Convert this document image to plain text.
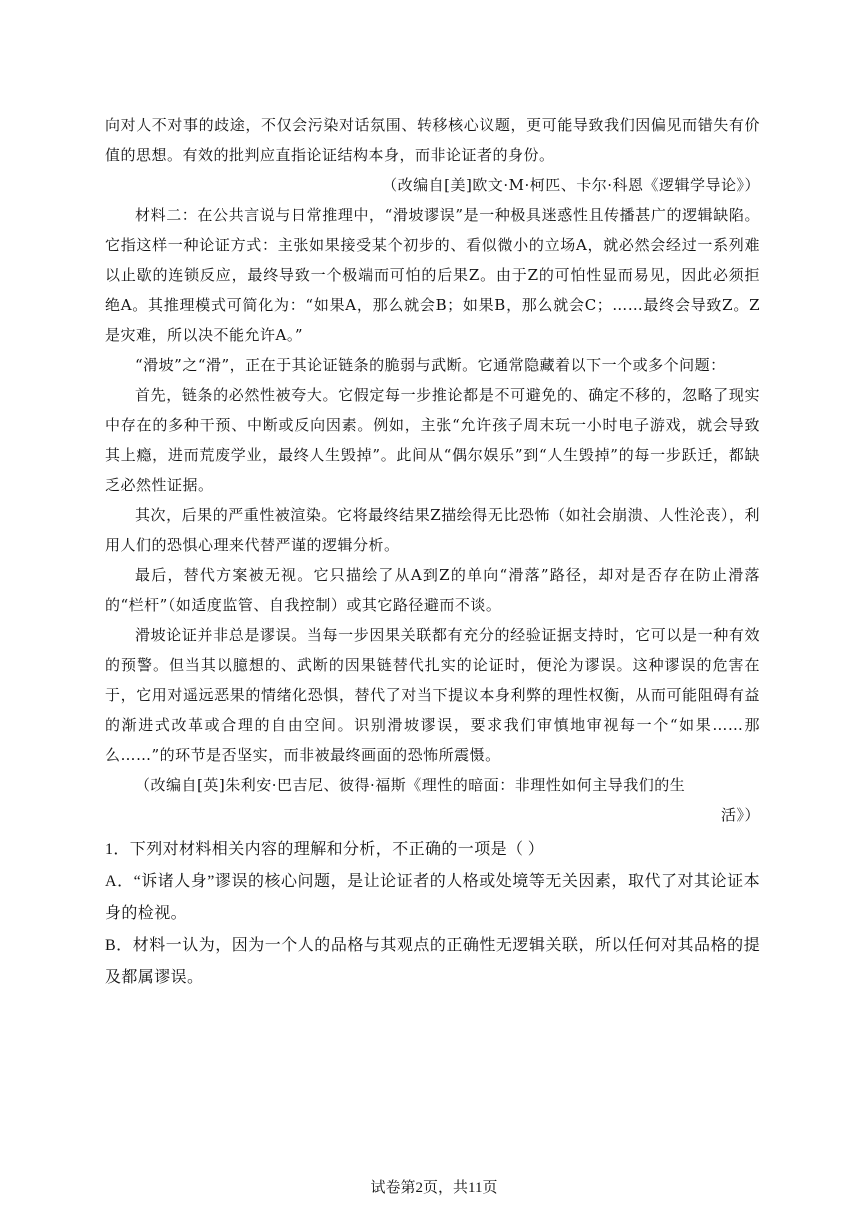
向对人不对事的歧途，不仅会污染对话氛围、转移核心议题，更可能导致我们因偏见而错失有价值的思想。有效的批判应直指论证结构本身，而非论证者的身份。

（改编自[美]欧文·M·柯匹、卡尔·科恩《逻辑学导论》）

材料二：在公共言说与日常推理中，“滑坡谬误”是一种极具迷惑性且传播甚广的逻辑缺陷。它指这样一种论证方式：主张如果接受某个初步的、看似微小的立场A，就必然会经过一系列难以止歇的连锁反应，最终导致一个极端而可怕的后果Z。由于Z的可怕性显而易见，因此必须拒绝A。其推理模式可简化为：“如果A，那么就会B；如果B，那么就会C；……最终会导致Z。Z是灾难，所以决不能允许A。”

“滑坡”之“滑”，正在于其论证链条的脆弱与武断。它通常隐藏着以下一个或多个问题：

首先，链条的必然性被夸大。它假定每一步推论都是不可避免的、确定不移的，忽略了现实中存在的多种干预、中断或反向因素。例如，主张“允许孩子周末玩一小时电子游戏，就会导致其上瘾，进而荒废学业，最终人生毁掉”。此间从“偶尔娱乐”到“人生毁掉”的每一步跃迁，都缺乏必然性证据。

其次，后果的严重性被渲染。它将最终结果Z描绘得无比恐怖（如社会崩溃、人性沦丧），利用人们的恐惧心理来代替严谨的逻辑分析。

最后，替代方案被无视。它只描绘了从A到Z的单向“滑落”路径，却对是否存在防止滑落的“栏杆”（如适度监管、自我控制）或其它路径避而不谈。

滑坡论证并非总是谬误。当每一步因果关联都有充分的经验证据支持时，它可以是一种有效的预警。但当其以臆想的、武断的因果链替代扎实的论证时，便沦为谬误。这种谬误的危害在于，它用对遥远恶果的情绪化恐惧，替代了对当下提议本身利弊的理性权衡，从而可能阻碍有益的渐进式改革或合理的自由空间。识别滑坡谬误，要求我们审慎地审视每一个“如果……那么……”的环节是否坚实，而非被最终画面的恐怖所震慑。

（改编自[英]朱利安·巴吉尼、彼得·福斯《理性的暗面：非理性如何主导我们的生

活》）

1．下列对材料相关内容的理解和分析，不正确的一项是（ ）

A．“诉诸人身”谬误的核心问题，是让论证者的人格或处境等无关因素，取代了对其论证本身的检视。

B．材料一认为，因为一个人的品格与其观点的正确性无逻辑关联，所以任何对其品格的提及都属谬误。

试卷第2页，共11页
